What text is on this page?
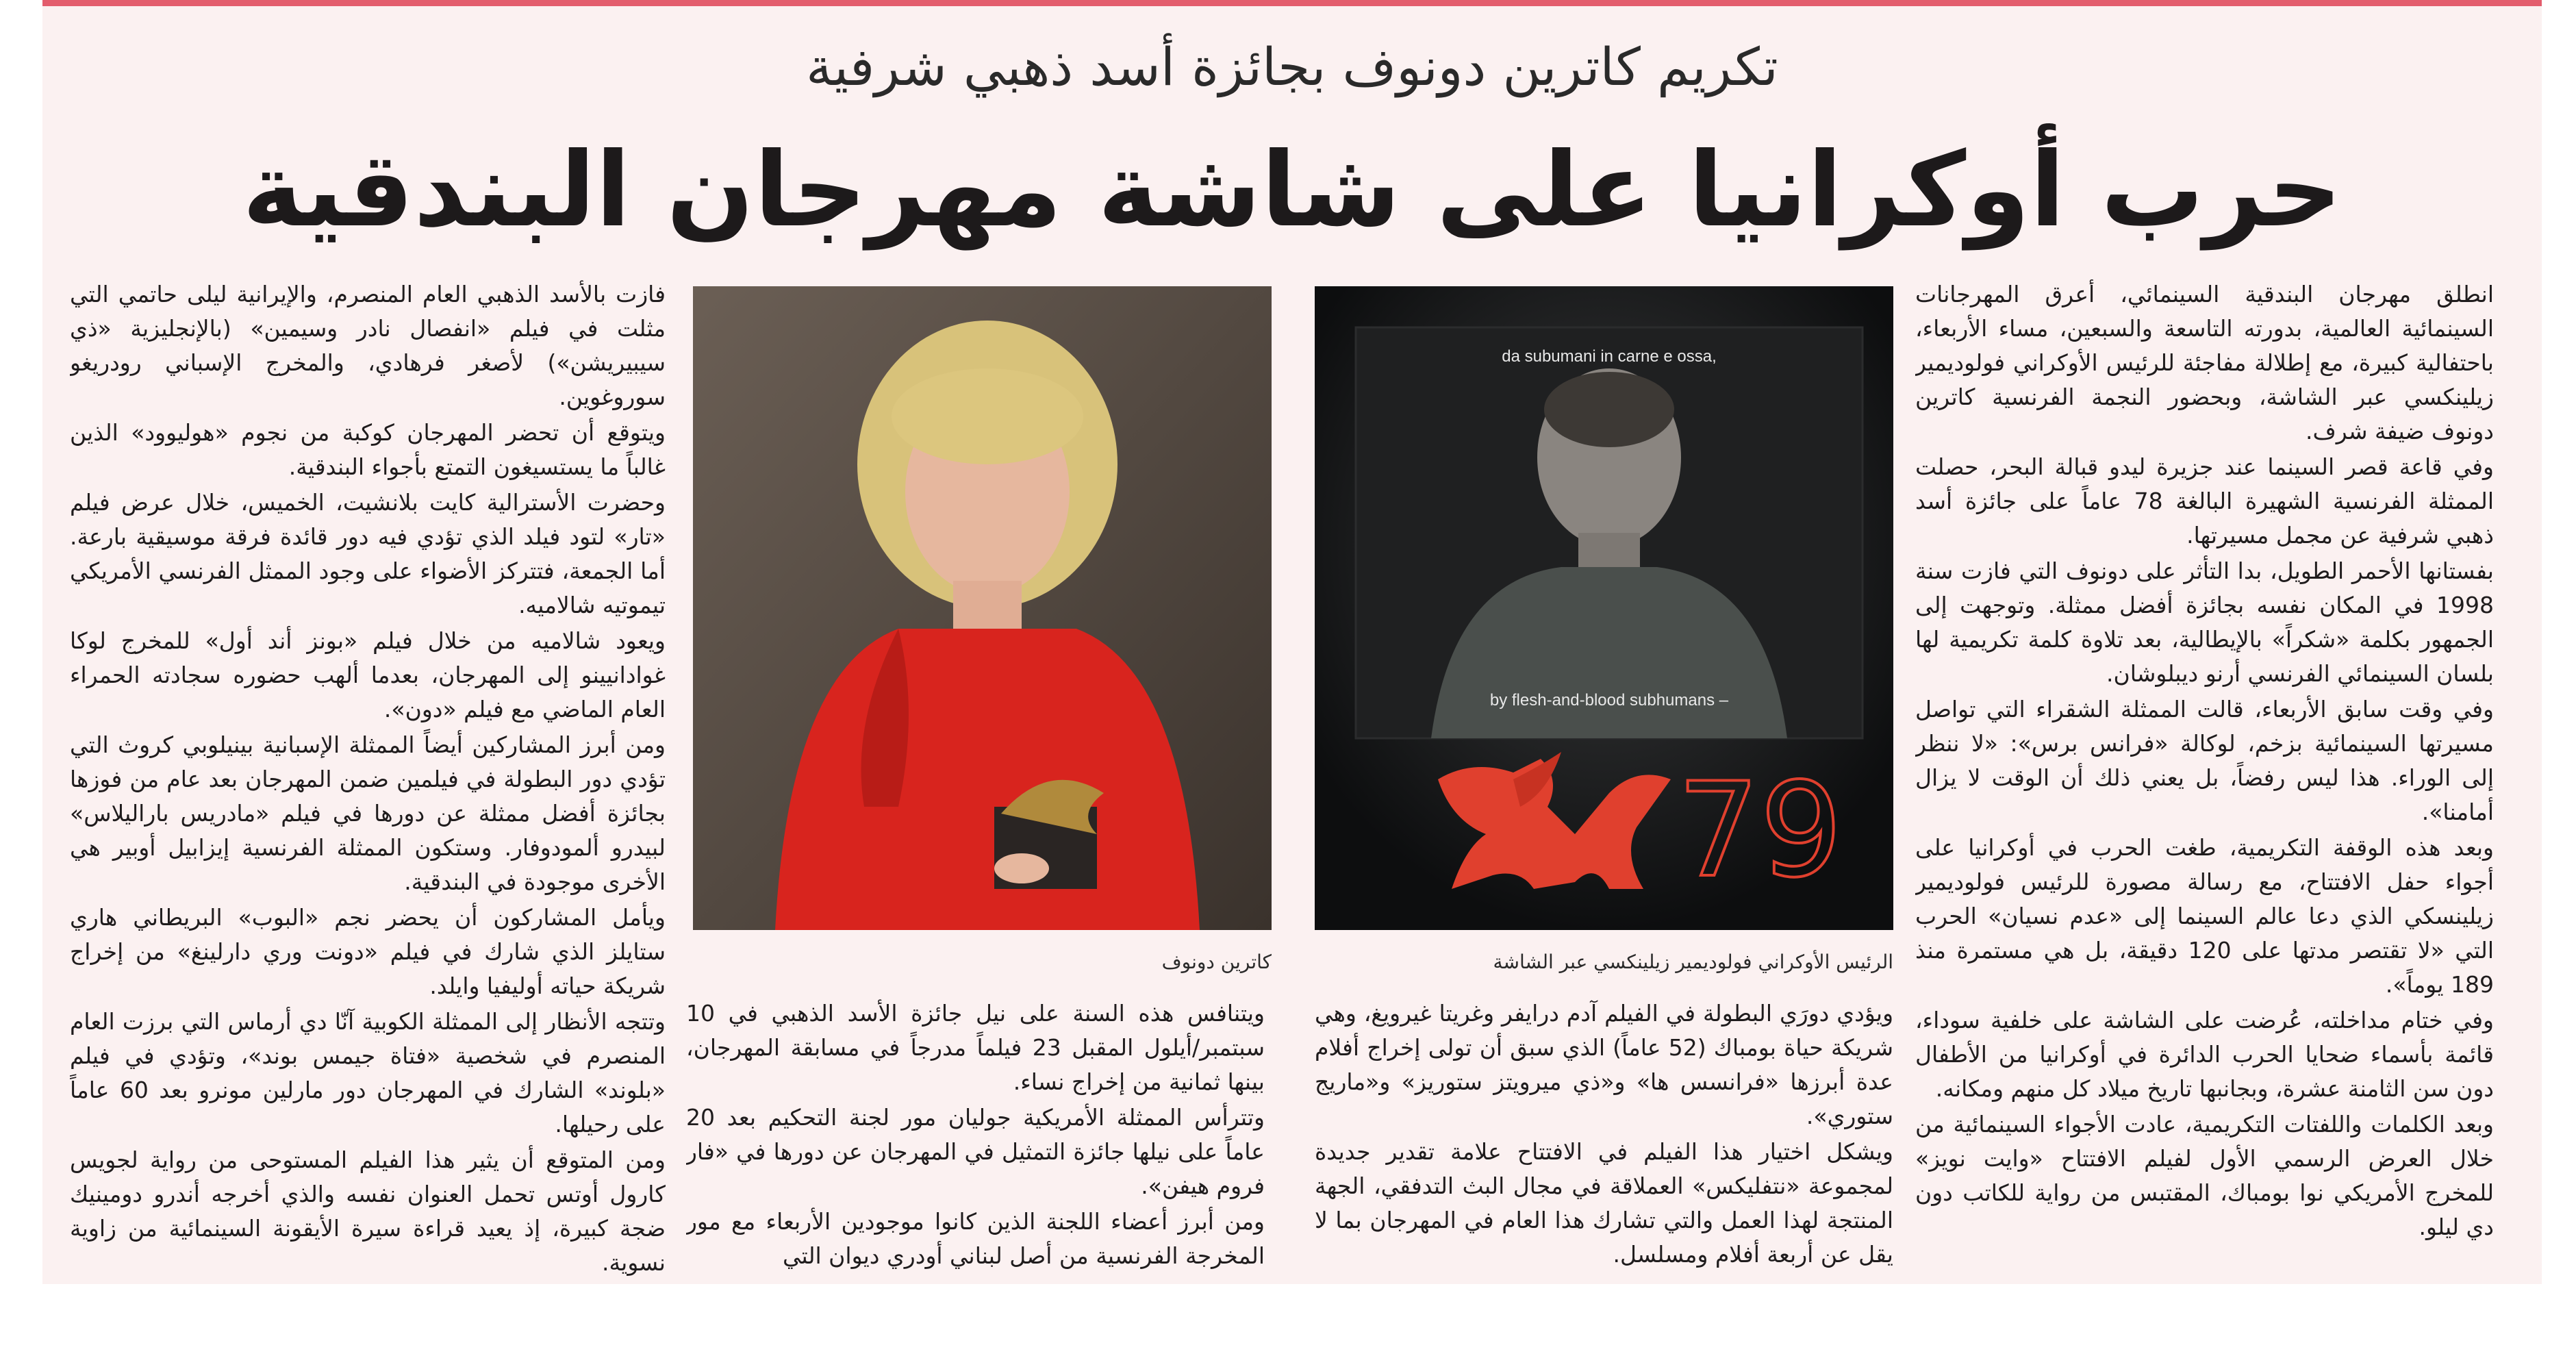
تكريم كاترين دونوف بجائزة أسد ذهبي شرفية
حرب أوكرانيا على شاشة مهرجان البندقية

انطلق مهرجان البندقية السينمائي، أعرق المهرجانات السينمائية العالمية، بدورته التاسعة والسبعين، مساء الأربعاء، باحتفالية كبيرة، مع إطلالة مفاجئة للرئيس الأوكراني فولوديمير زيلينكسي عبر الشاشة، وبحضور النجمة الفرنسية كاترين دونوف ضيفة شرف.

وفي قاعة قصر السينما عند جزيرة ليدو قبالة البحر، حصلت الممثلة الفرنسية الشهيرة البالغة 78 عاماً على جائزة أسد ذهبي شرفية عن مجمل مسيرتها.

بفستانها الأحمر الطويل، بدا التأثر على دونوف التي فازت سنة 1998 في المكان نفسه بجائزة أفضل ممثلة. وتوجهت إلى الجمهور بكلمة «شكراً» بالإيطالية، بعد تلاوة كلمة تكريمية لها بلسان السينمائي الفرنسي أرنو ديبلوشان.

وفي وقت سابق الأربعاء، قالت الممثلة الشقراء التي تواصل مسيرتها السينمائية بزخم، لوكالة «فرانس برس»: «لا ننظر إلى الوراء. هذا ليس رفضاً، بل يعني ذلك أن الوقت لا يزال أمامنا».

وبعد هذه الوقفة التكريمية، طغت الحرب في أوكرانيا على أجواء حفل الافتتاح، مع رسالة مصورة للرئيس فولوديمير زيلينسكي الذي دعا عالم السينما إلى «عدم نسيان» الحرب التي «لا تقتصر مدتها على 120 دقيقة، بل هي مستمرة منذ 189 يوماً».

وفي ختام مداخلته، عُرضت على الشاشة على خلفية سوداء، قائمة بأسماء ضحايا الحرب الدائرة في أوكرانيا من الأطفال دون سن الثامنة عشرة، وبجانبها تاريخ ميلاد كل منهم ومكانه.

وبعد الكلمات واللفتات التكريمية، عادت الأجواء السينمائية من خلال العرض الرسمي الأول لفيلم الافتتاح «وايت نويز» للمخرج الأمريكي نوا بومباك، المقتبس من رواية للكاتب دون دي ليلو.

da subumani in carne e ossa,
by flesh-and-blood subhumans –
79
الرئيس الأوكراني فولوديمير زيلينكسي عبر الشاشة
كاترين دونوف

ويؤدي دورَي البطولة في الفيلم آدم درايفر وغريتا غيرويغ، وهي شريكة حياة بومباك (52 عاماً) الذي سبق أن تولى إخراج أفلام عدة أبرزها «فرانسس ها» و«ذي ميرويتز ستوريز» و«ماريج ستوري».

ويشكل اختيار هذا الفيلم في الافتتاح علامة تقدير جديدة لمجموعة «نتفليكس» العملاقة في مجال البث التدفقي، الجهة المنتجة لهذا العمل والتي تشارك هذا العام في المهرجان بما لا يقل عن أربعة أفلام ومسلسل.

ويتنافس هذه السنة على نيل جائزة الأسد الذهبي في 10 سبتمبر/أيلول المقبل 23 فيلماً مدرجاً في مسابقة المهرجان، بينها ثمانية من إخراج نساء.

وتترأس الممثلة الأمريكية جوليان مور لجنة التحكيم بعد 20 عاماً على نيلها جائزة التمثيل في المهرجان عن دورها في «فار فروم هيفن».

ومن أبرز أعضاء اللجنة الذين كانوا موجودين الأربعاء مع مور المخرجة الفرنسية من أصل لبناني أودري ديوان التي

فازت بالأسد الذهبي العام المنصرم، والإيرانية ليلى حاتمي التي مثلت في فيلم «انفصال نادر وسيمين» (بالإنجليزية «ذي سيبيريشن») لأصغر فرهادي، والمخرج الإسباني رودريغو سوروغوين.

ويتوقع أن تحضر المهرجان كوكبة من نجوم «هوليوود» الذين غالباً ما يستسيغون التمتع بأجواء البندقية.

وحضرت الأسترالية كايت بلانشيت، الخميس، خلال عرض فيلم «تار» لتود فيلد الذي تؤدي فيه دور قائدة فرقة موسيقية بارعة. أما الجمعة، فتتركز الأضواء على وجود الممثل الفرنسي الأمريكي تيموتيه شالاميه.

ويعود شالاميه من خلال فيلم «بونز أند أول» للمخرج لوكا غوادانيينو إلى المهرجان، بعدما ألهب حضوره سجادته الحمراء العام الماضي مع فيلم «دون».

ومن أبرز المشاركين أيضاً الممثلة الإسبانية بينيلوبي كروث التي تؤدي دور البطولة في فيلمين ضمن المهرجان بعد عام من فوزها بجائزة أفضل ممثلة عن دورها في فيلم «مادريس باراليلاس» لبيدرو ألمودوفار. وستكون الممثلة الفرنسية إيزابيل أوبير هي الأخرى موجودة في البندقية.

ويأمل المشاركون أن يحضر نجم «البوب» البريطاني هاري ستايلز الذي شارك في فيلم «دونت وري دارلينغ» من إخراج شريكة حياته أوليفيا وايلد.

وتتجه الأنظار إلى الممثلة الكوبية آنّا دي أرماس التي برزت العام المنصرم في شخصية «فتاة جيمس بوند»، وتؤدي في فيلم «بلوند» الشارك في المهرجان دور مارلين مونرو بعد 60 عاماً على رحيلها.

ومن المتوقع أن يثير هذا الفيلم المستوحى من رواية لجويس كارول أوتس تحمل العنوان نفسه والذي أخرجه أندرو دومينيك ضجة كبيرة، إذ يعيد قراءة سيرة الأيقونة السينمائية من زاوية نسوية.
